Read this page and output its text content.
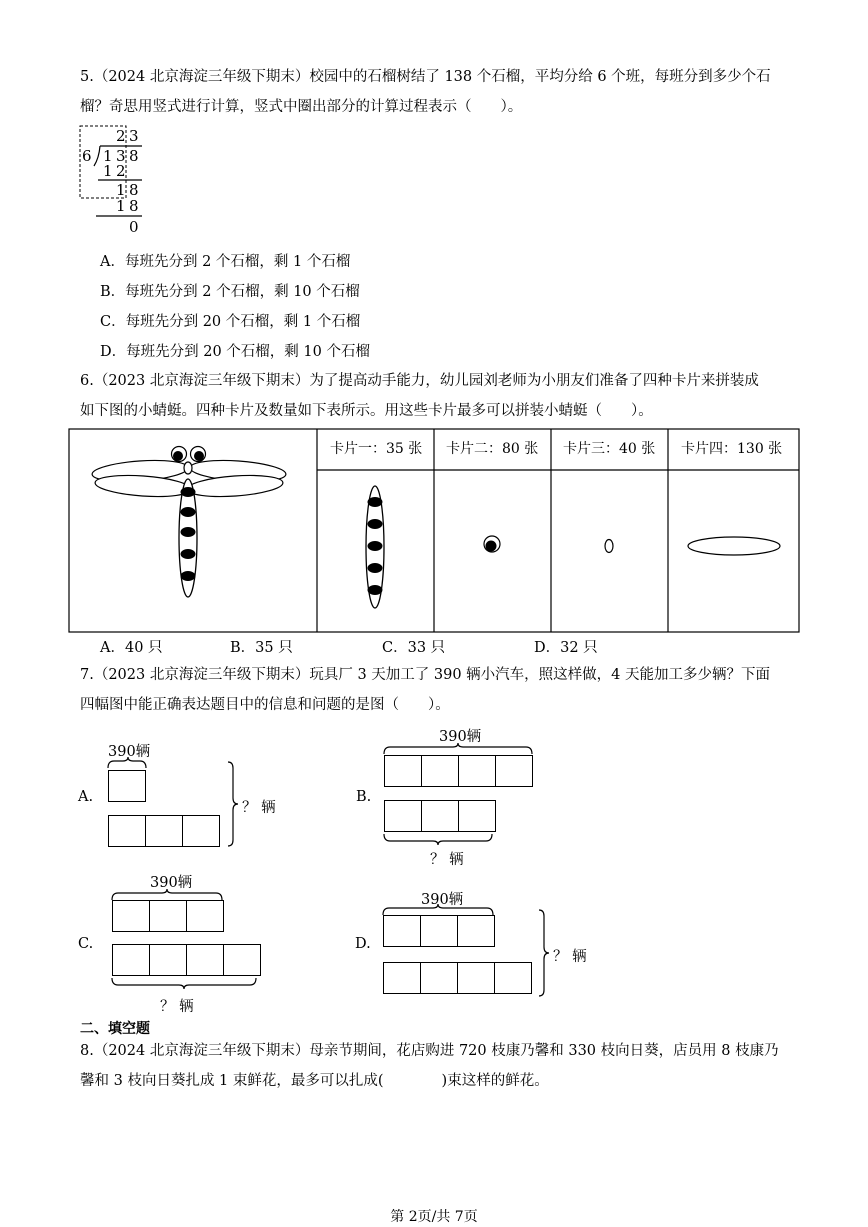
5.（2024 北京海淀三年级下期末）校园中的石榴树结了 138 个石榴，平均分给 6 个班，每班分到多少个石
榴？奇思用竖式进行计算，竖式中圈出部分的计算过程表示（　　）。
2 3
6 1 3 8
1 2
1 8
1 8
0
A．每班先分到 2 个石榴，剩 1 个石榴
B．每班先分到 2 个石榴，剩 10 个石榴
C．每班先分到 20 个石榴，剩 1 个石榴
D．每班先分到 20 个石榴，剩 10 个石榴
6.（2023 北京海淀三年级下期末）为了提高动手能力，幼儿园刘老师为小朋友们准备了四种卡片来拼装成
如下图的小蜻蜓。四种卡片及数量如下表所示。用这些卡片最多可以拼装小蜻蜓（　　）。
卡片一：35 张 卡片二：80 张 卡片三：40 张 卡片四：130 张
A．40 只	B．35 只	C．33 只	D．32 只
7.（2023 北京海淀三年级下期末）玩具厂 3 天加工了 390 辆小汽车，照这样做，4 天能加工多少辆？下面
四幅图中能正确表达题目中的信息和问题的是图（　　）。
A.
390辆
？ 辆
B.
390辆
？ 辆
C.
390辆
？ 辆
D.
390辆
？ 辆
二、填空题
8.（2024 北京海淀三年级下期末）母亲节期间，花店购进 720 枝康乃馨和 330 枝向日葵，店员用 8 枝康乃
馨和 3 枝向日葵扎成 1 束鲜花，最多可以扎成(　　　　)束这样的鲜花。
第 2页/共 7页
